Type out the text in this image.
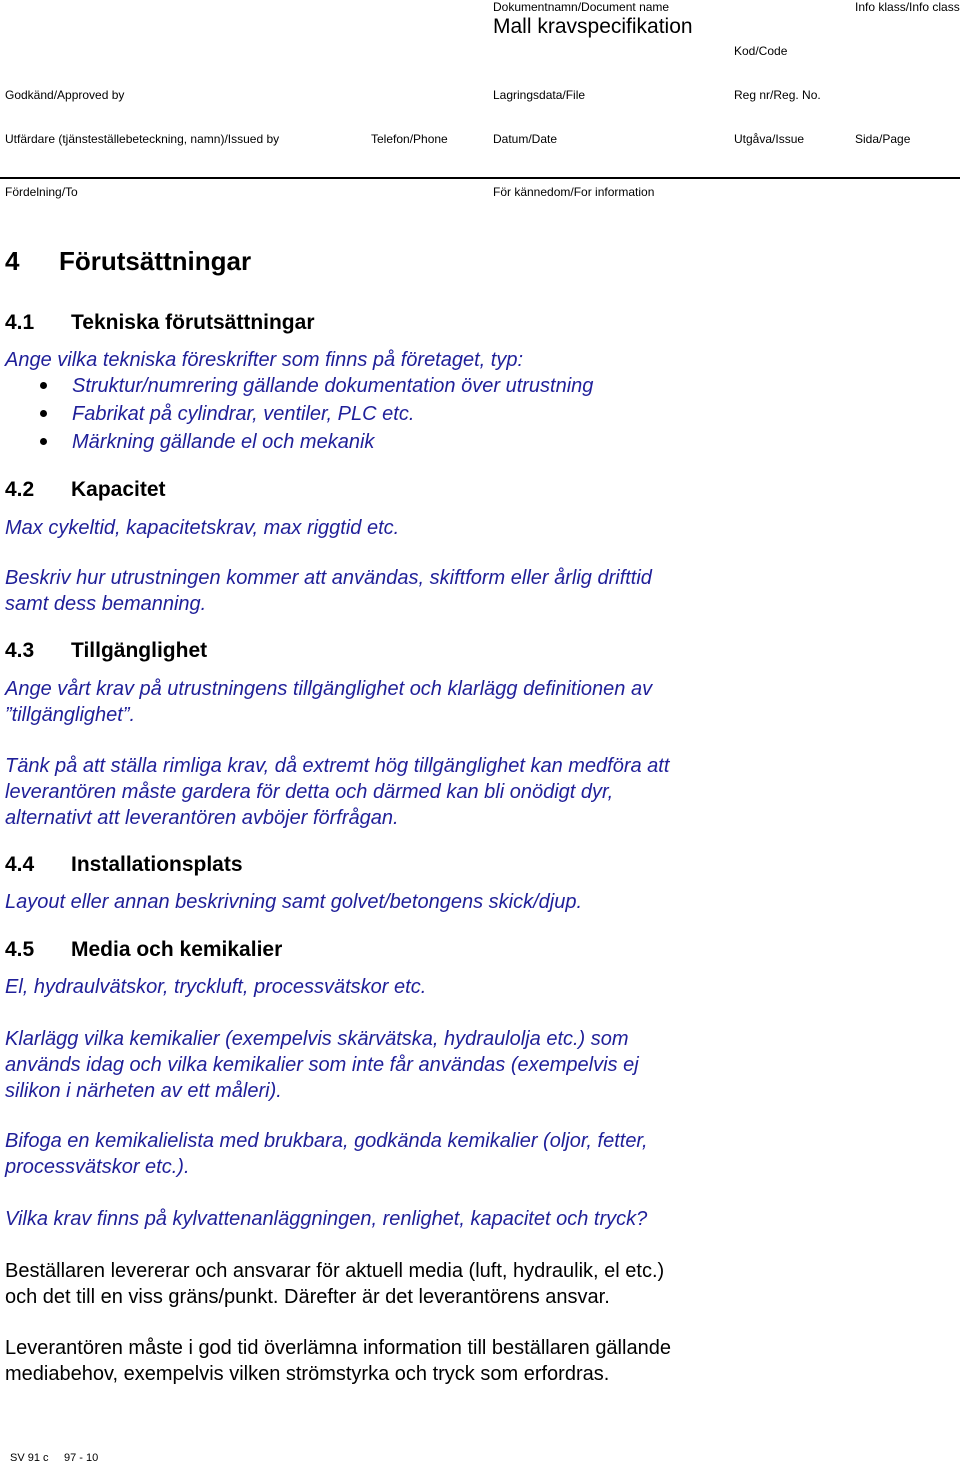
Dokumentnamn/Document name	Info klass/Info class
Mall kravspecifikation
Kod/Code
Godkänd/Approved by	Lagringsdata/File	Reg nr/Reg. No.
Utfärdare (tjänsteställebeteckning, namn)/Issued by	Telefon/Phone	Datum/Date	Utgåva/Issue	Sida/Page
Fördelning/To	För kännedom/For information
4 Förutsättningar
4.1 Tekniska förutsättningar
Ange vilka tekniska föreskrifter som finns på företaget, typ:
Struktur/numrering gällande dokumentation över utrustning
Fabrikat på cylindrar, ventiler, PLC etc.
Märkning gällande el och mekanik
4.2 Kapacitet
Max cykeltid, kapacitetskrav, max riggtid etc.
Beskriv hur utrustningen kommer att användas, skiftform eller årlig drifttid
samt dess bemanning.
4.3 Tillgänglighet
Ange vårt krav på utrustningens tillgänglighet och klarlägg definitionen av
”tillgänglighet”.
Tänk på att ställa rimliga krav, då extremt hög tillgänglighet kan medföra att
leverantören måste gardera för detta och därmed kan bli onödigt dyr,
alternativt att leverantören avböjer förfrågan.
4.4 Installationsplats
Layout eller annan beskrivning samt golvet/betongens skick/djup.
4.5 Media och kemikalier
El, hydraulvätskor, tryckluft, processvätskor etc.
Klarlägg vilka kemikalier (exempelvis skärvätska, hydraulolja etc.) som
används idag och vilka kemikalier som inte får användas (exempelvis ej
silikon i närheten av ett måleri).
Bifoga en kemikalielista med brukbara, godkända kemikalier (oljor, fetter,
processvätskor etc.).
Vilka krav finns på kylvattenanläggningen, renlighet, kapacitet och tryck?
Beställaren levererar och ansvarar för aktuell media (luft, hydraulik, el etc.)
och det till en viss gräns/punkt. Därefter är det leverantörens ansvar.
Leverantören måste i god tid överlämna information till beställaren gällande
mediabehov, exempelvis vilken strömstyrka och tryck som erfordras.
SV 91 c 97 - 10
